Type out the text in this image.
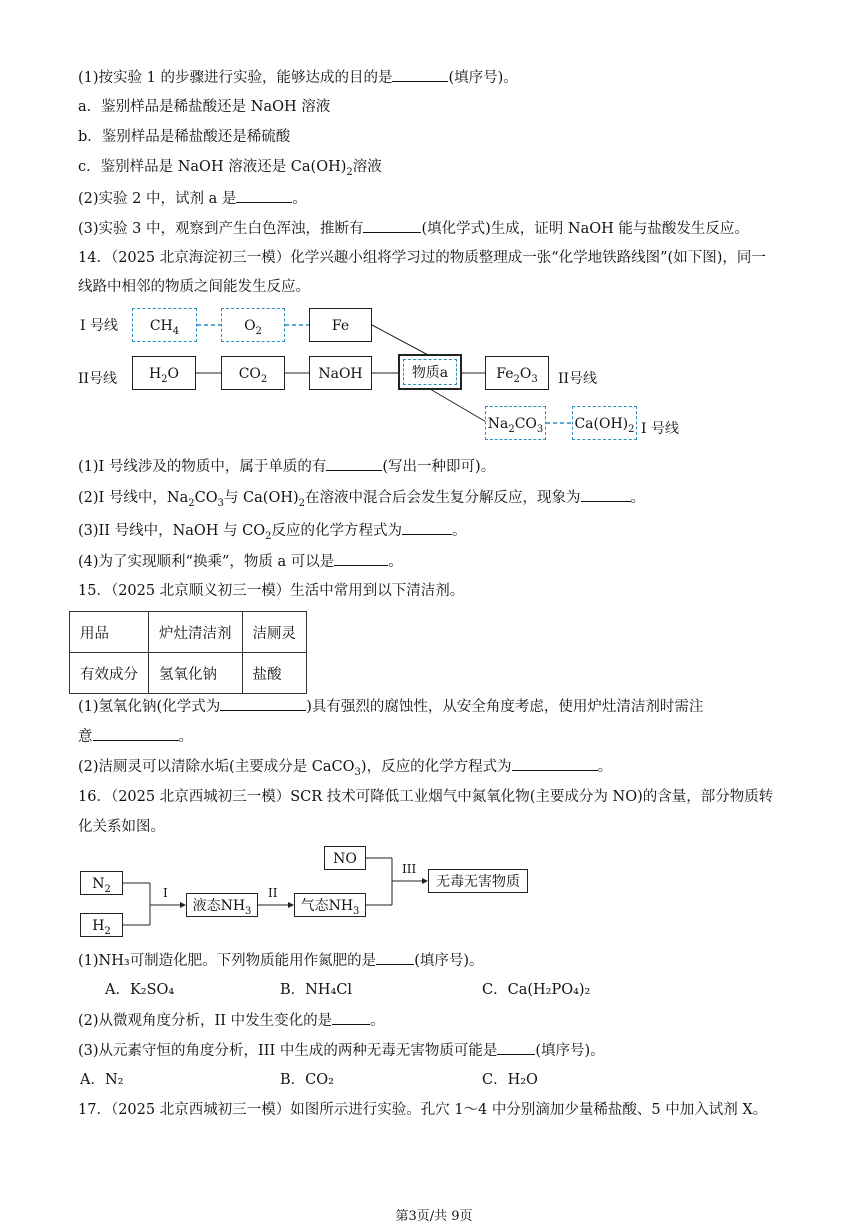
(1)按实验 1 的步骤进行实验，能够达成的目的是	(填序号)。
a．鉴别样品是稀盐酸还是 NaOH 溶液
b．鉴别样品是稀盐酸还是稀硫酸
c．鉴别样品是 NaOH 溶液还是 $Ca(OH)_2$溶液
(2)实验 2 中，试剂 a 是	。
(3)实验 3 中，观察到产生白色浑浊，推断有	(填化学式)生成，证明 NaOH 能与盐酸发生反应。
14．（2025 北京海淀初三一模）化学兴趣小组将学习过的物质整理成一张“化学地铁路线图”(如下图)，同一
线路中相邻的物质之间能发生反应。
I 号线
II号线
$CH_4$	$O_2$	Fe
$H_2O$	$CO_2$	NaOH	物质a	$Fe_2O_3$	II号线
$Na_2CO_3$ $Ca(OH)_2$ I 号线
(1)I 号线涉及的物质中，属于单质的有	(写出一种即可)。
(2)I 号线中，$Na_2CO_3$与 $Ca(OH)_2$在溶液中混合后会发生复分解反应，现象为	。
(3)II 号线中，NaOH 与 $CO_2$反应的化学方程式为	。
(4)为了实现顺利“换乘”，物质 a 可以是	。
15．（2025 北京顺义初三一模）生活中常用到以下清洁剂。
用品	炉灶清洁剂	洁厕灵
有效成分	氢氧化钠	盐酸
(1)氢氧化钠(化学式为	)具有强烈的腐蚀性，从安全角度考虑，使用炉灶清洁剂时需注
意	。
(2)洁厕灵可以清除水垢(主要成分是 CaCO$_3$)，反应的化学方程式为	。
16．（2025 北京西城初三一模）SCR 技术可降低工业烟气中氮氧化物(主要成分为 NO)的含量，部分物质转
化关系如图。
$N_2$
$H_2$
I
液态$NH_3$
II
气态$NH_3$
NO
III
无毒无害物质
(1)NH₃可制造化肥。下列物质能用作氮肥的是	(填序号)。
A．K₂SO₄	B．NH₄Cl	C．Ca(H₂PO₄)₂
(2)从微观角度分析，II 中发生变化的是	。
(3)从元素守恒的角度分析，III 中生成的两种无毒无害物质可能是	(填序号)。
A．N₂	B．CO₂	C．H₂O
17．（2025 北京西城初三一模）如图所示进行实验。孔穴 1～4 中分别滴加少量稀盐酸、5 中加入试剂 X。
第3页/共 9页
